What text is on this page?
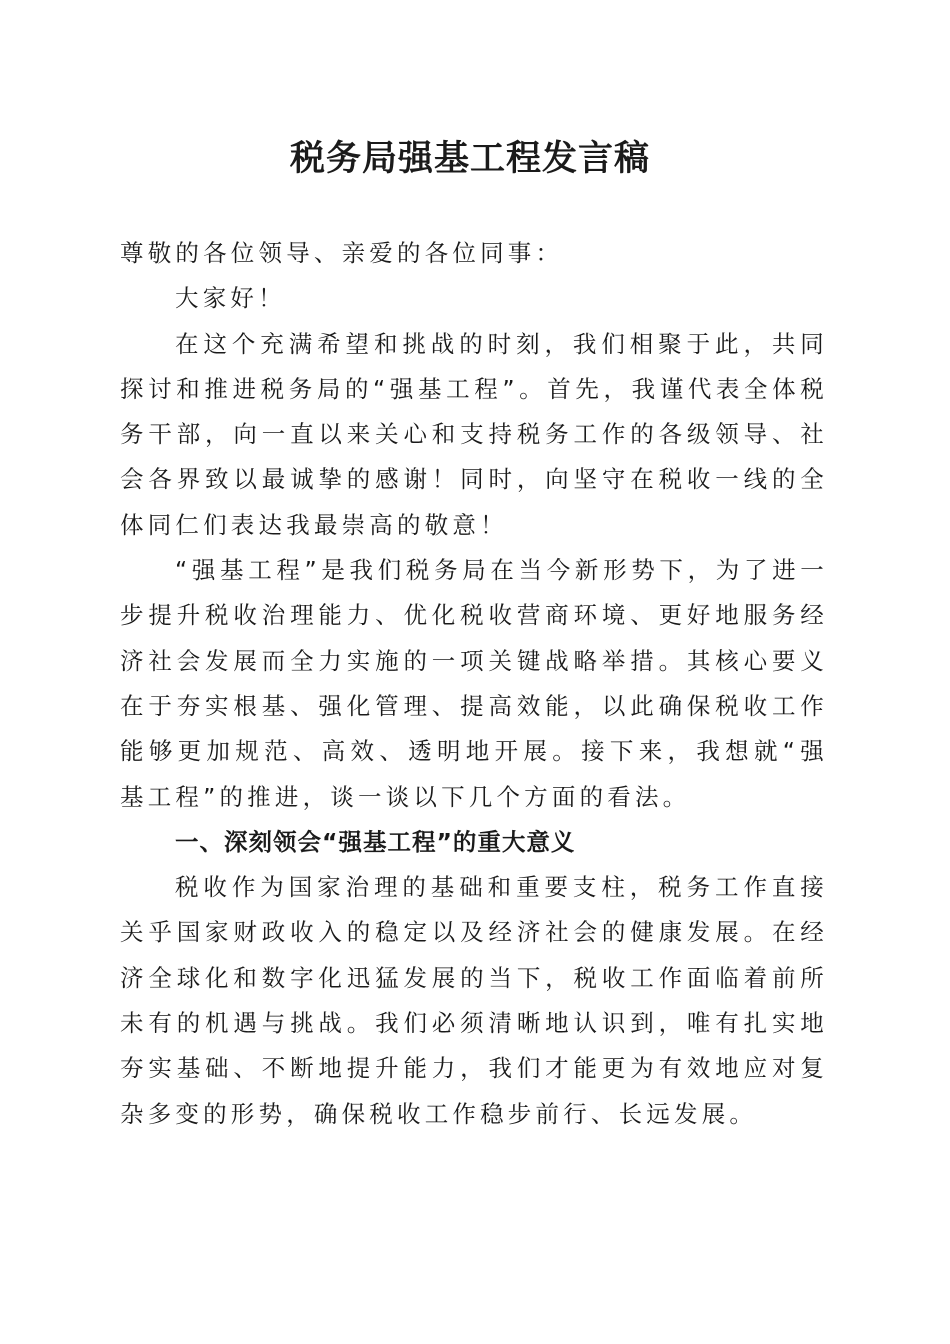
税务局强基工程发言稿

尊敬的各位领导、亲爱的各位同事：

大家好！

在这个充满希望和挑战的时刻，我们相聚于此，共同探讨和推进税务局的“强基工程”。首先，我谨代表全体税务干部，向一直以来关心和支持税务工作的各级领导、社会各界致以最诚挚的感谢！同时，向坚守在税收一线的全体同仁们表达我最崇高的敬意！

“强基工程”是我们税务局在当今新形势下，为了进一步提升税收治理能力、优化税收营商环境、更好地服务经济社会发展而全力实施的一项关键战略举措。其核心要义在于夯实根基、强化管理、提高效能，以此确保税收工作能够更加规范、高效、透明地开展。接下来，我想就“强基工程”的推进，谈一谈以下几个方面的看法。

一、深刻领会“强基工程”的重大意义

税收作为国家治理的基础和重要支柱，税务工作直接关乎国家财政收入的稳定以及经济社会的健康发展。在经济全球化和数字化迅猛发展的当下，税收工作面临着前所未有的机遇与挑战。我们必须清晰地认识到，唯有扎实地夯实基础、不断地提升能力，我们才能更为有效地应对复杂多变的形势，确保税收工作稳步前行、长远发展。
